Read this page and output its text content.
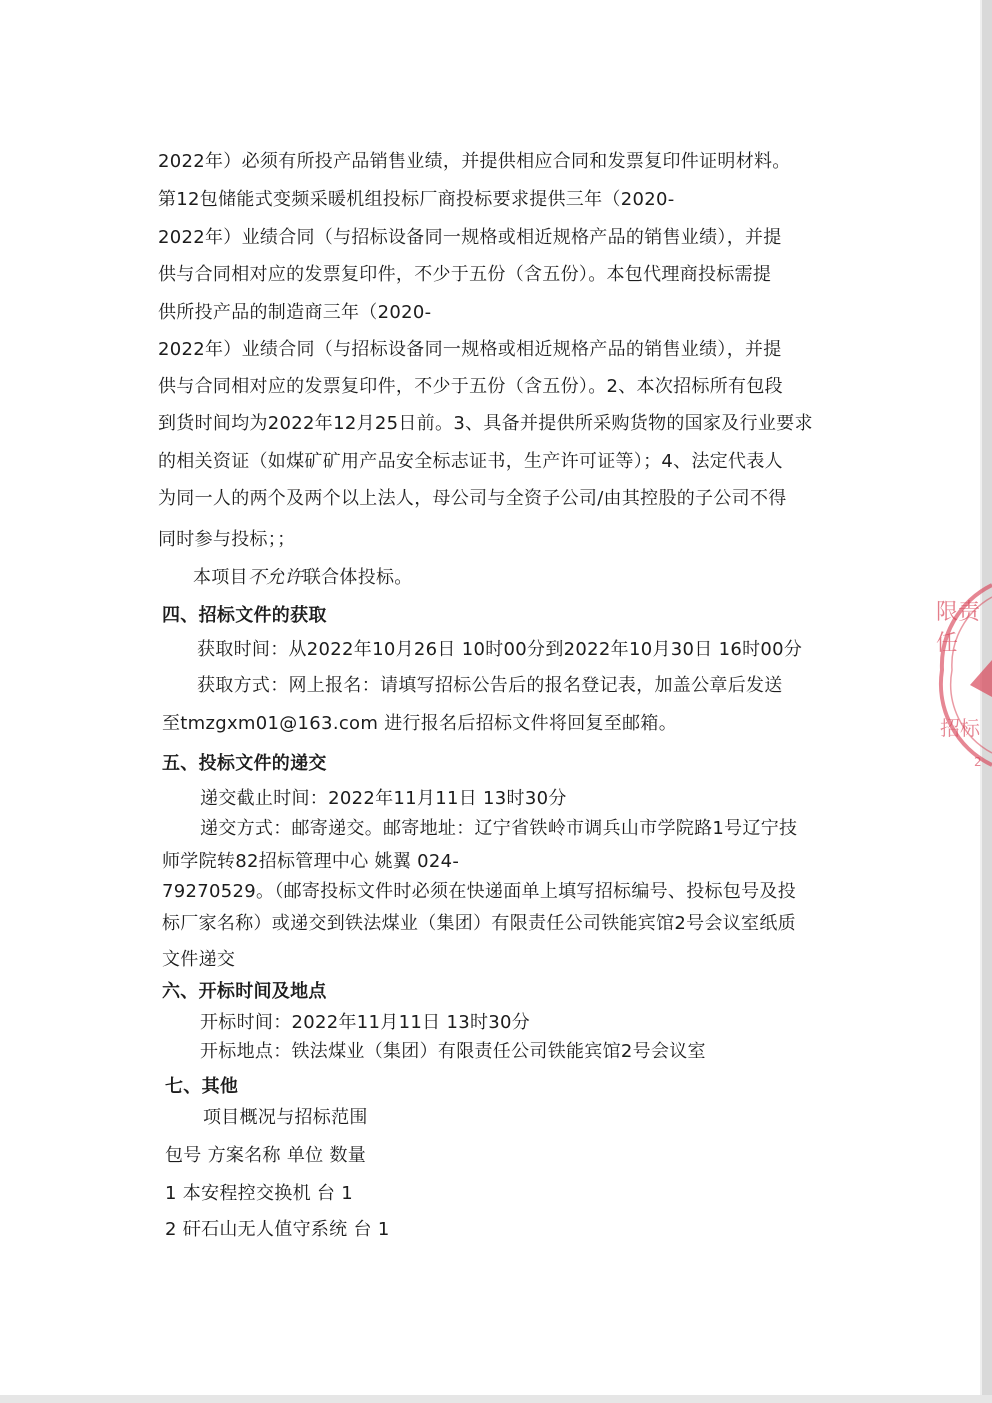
2022年）必须有所投产品销售业绩，并提供相应合同和发票复印件证明材料。
第12包储能式变频采暖机组投标厂商投标要求提供三年（2020-
2022年）业绩合同（与招标设备同一规格或相近规格产品的销售业绩），并提
供与合同相对应的发票复印件，不少于五份（含五份）。本包代理商投标需提
供所投产品的制造商三年（2020-
2022年）业绩合同（与招标设备同一规格或相近规格产品的销售业绩），并提
供与合同相对应的发票复印件，不少于五份（含五份）。2、本次招标所有包段
到货时间均为2022年12月25日前。3、具备并提供所采购货物的国家及行业要求
的相关资证（如煤矿矿用产品安全标志证书，生产许可证等）；4、法定代表人
为同一人的两个及两个以上法人，母公司与全资子公司/由其控股的子公司不得
同时参与投标；；
本项目不允许联合体投标。
四、招标文件的获取
获取时间：从2022年10月26日 10时00分到2022年10月30日 16时00分
获取方式：网上报名：请填写招标公告后的报名登记表，加盖公章后发送
至tmzgxm01@163.com 进行报名后招标文件将回复至邮箱。
五、投标文件的递交
递交截止时间：2022年11月11日 13时30分
递交方式：邮寄递交。邮寄地址：辽宁省铁岭市调兵山市学院路1号辽宁技
师学院转82招标管理中心 姚翼 024-
79270529。（邮寄投标文件时必须在快递面单上填写招标编号、投标包号及投
标厂家名称）或递交到铁法煤业（集团）有限责任公司铁能宾馆2号会议室纸质
文件递交
六、开标时间及地点
开标时间：2022年11月11日 13时30分
开标地点：铁法煤业（集团）有限责任公司铁能宾馆2号会议室
七、其他
项目概况与招标范围
包号 方案名称 单位 数量
1 本安程控交换机 台 1
2 矸石山无人值守系统 台 1
限责任
招标
2
